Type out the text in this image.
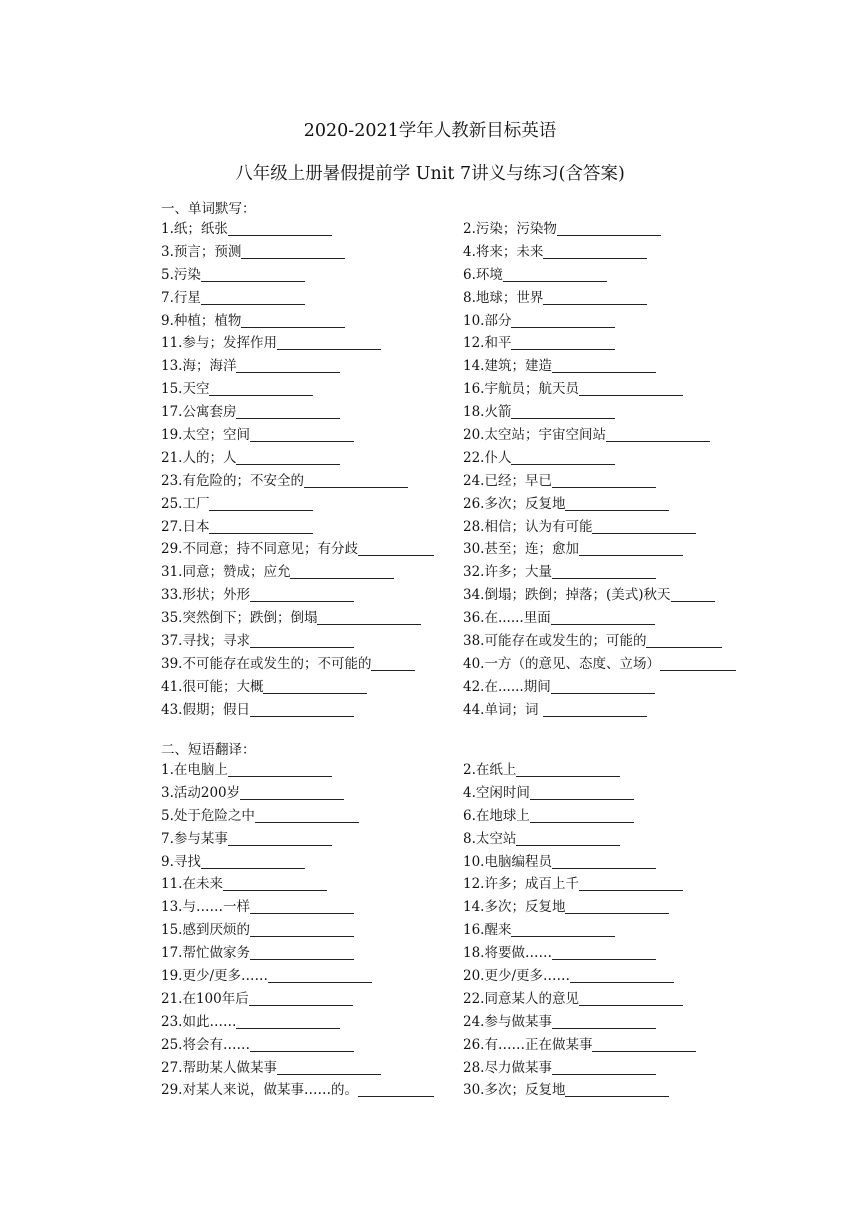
2020-2021学年人教新目标英语
八年级上册暑假提前学 Unit 7讲义与练习(含答案)
一、单词默写：
1.纸；纸张
3.预言；预测
5.污染
7.行星
9.种植；植物
11.参与；发挥作用
13.海；海洋
15.天空
17.公寓套房
19.太空；空间
21.人的；人
23.有危险的；不安全的
25.工厂
27.日本
29.不同意；持不同意见；有分歧
31.同意；赞成；应允
33.形状；外形
35.突然倒下；跌倒；倒塌
37.寻找；寻求
39.不可能存在或发生的；不可能的
41.很可能；大概
43.假期；假日
2.污染；污染物
4.将来；未来
6.环境
8.地球；世界
10.部分
12.和平
14.建筑；建造
16.宇航员；航天员
18.火箭
20.太空站；宇宙空间站
22.仆人
24.已经；早已
26.多次；反复地
28.相信；认为有可能
30.甚至；连；愈加
32.许多；大量
34.倒塌；跌倒；掉落；(美式)秋天
36.在......里面
38.可能存在或发生的；可能的
40.一方（的意见、态度、立场）
42.在......期间
44.单词；词
二、短语翻译：
1.在电脑上
3.活动200岁
5.处于危险之中
7.参与某事
9.寻找
11.在未来
13.与……一样
15.感到厌烦的
17.帮忙做家务
19.更少/更多……
21.在100年后
23.如此……
25.将会有……
27.帮助某人做某事
29.对某人来说，做某事……的。
2.在纸上
4.空闲时间
6.在地球上
8.太空站
10.电脑编程员
12.许多；成百上千
14.多次；反复地
16.醒来
18.将要做……
20.更少/更多……
22.同意某人的意见
24.参与做某事
26.有……正在做某事
28.尽力做某事
30.多次；反复地
